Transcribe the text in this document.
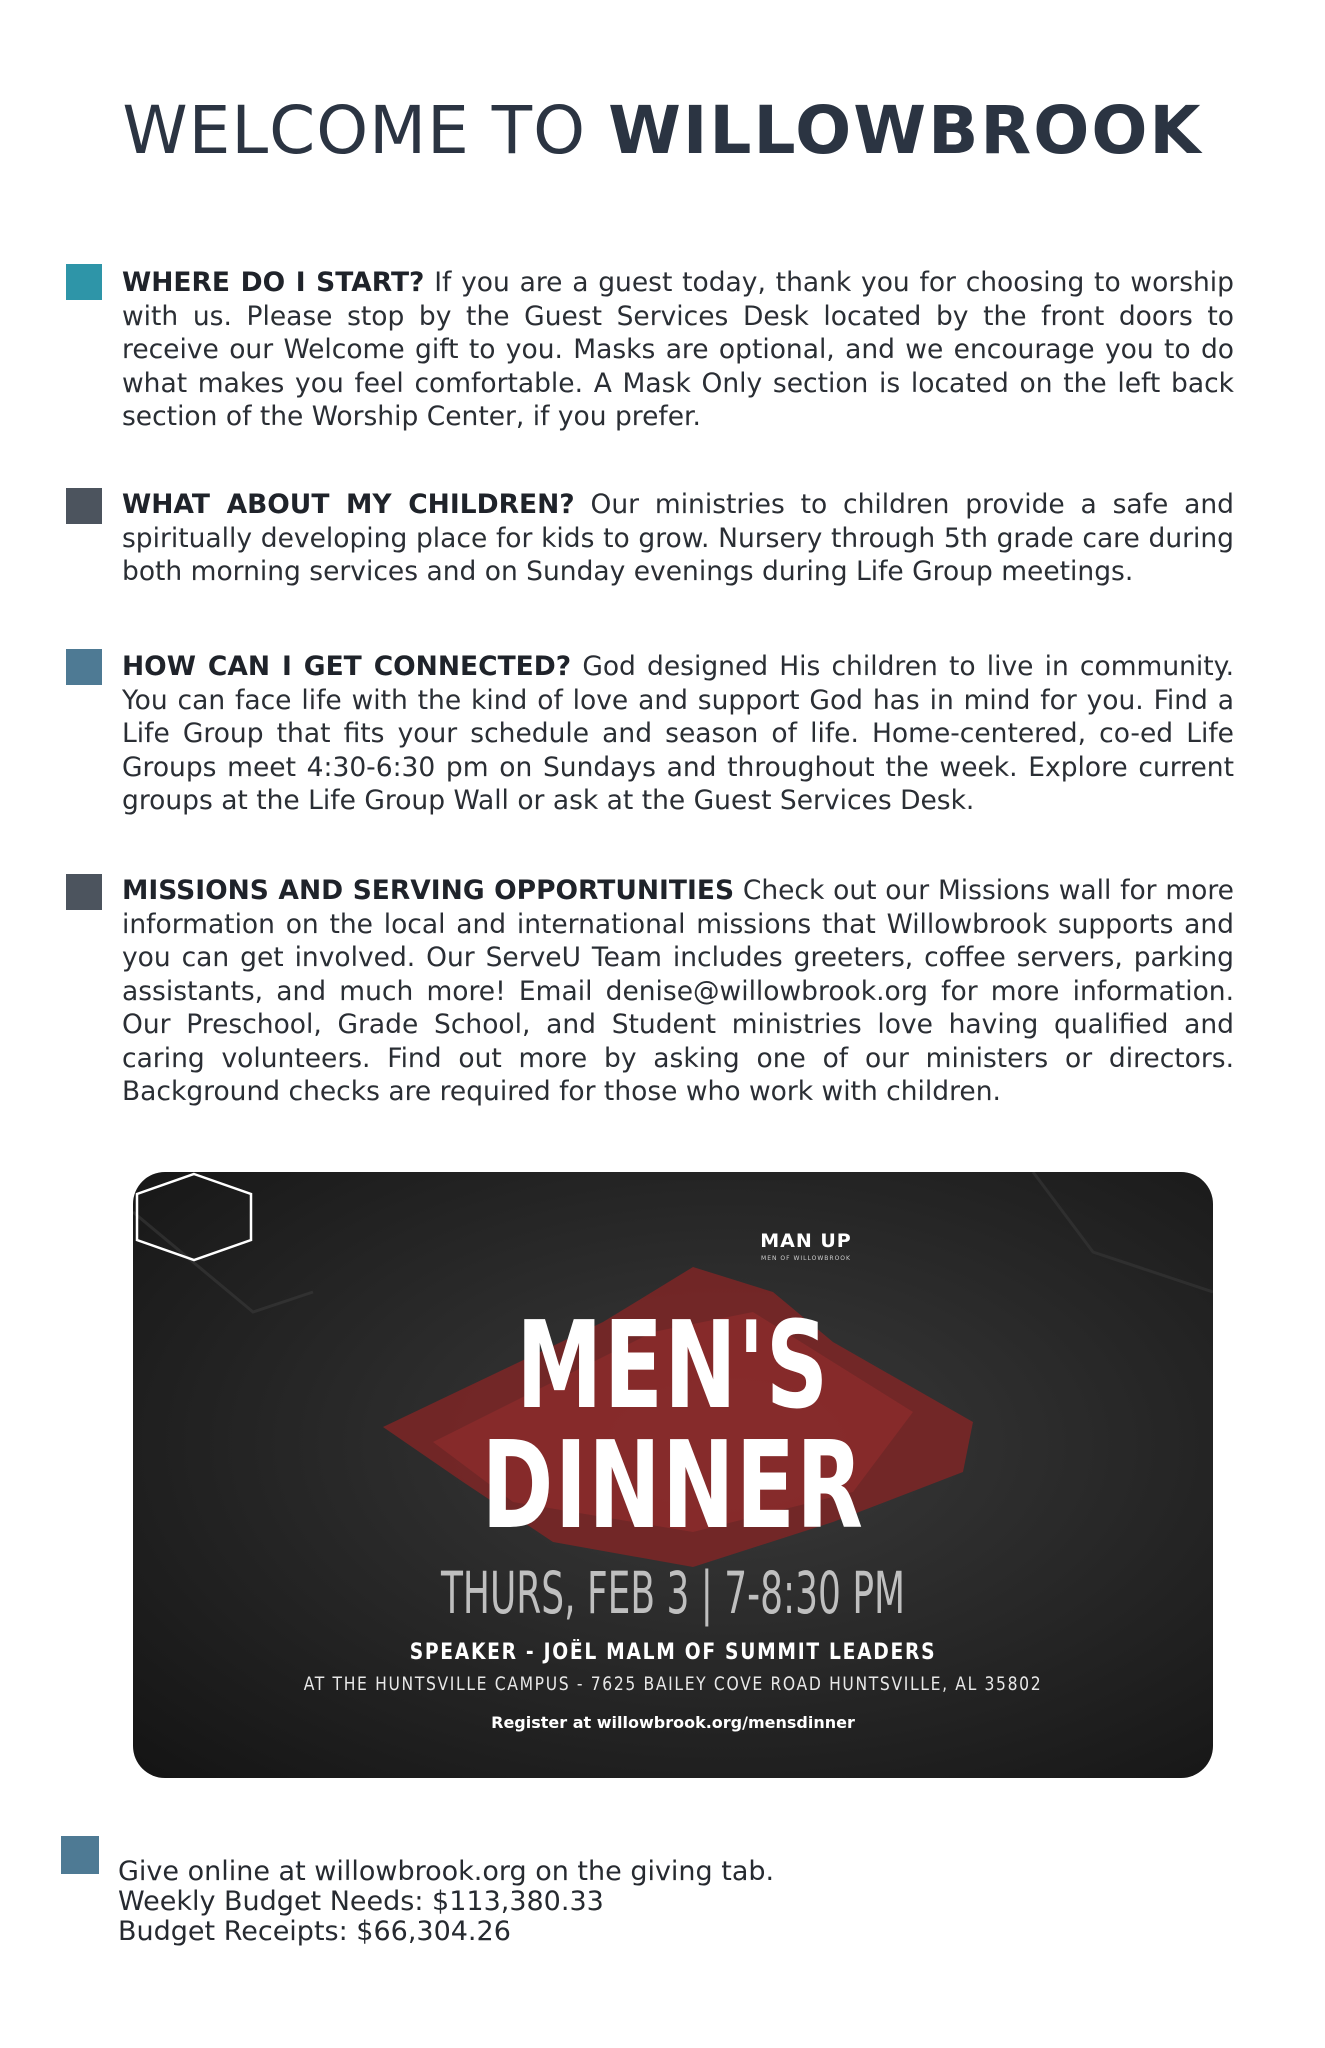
WELCOME TO WILLOWBROOK
WHERE DO I START? If you are a guest today, thank you for choosing to worship with us. Please stop by the Guest Services Desk located by the front doors to receive our Welcome gift to you. Masks are optional, and we encourage you to do what makes you feel comfortable. A Mask Only section is located on the left back section of the Worship Center, if you prefer.
WHAT ABOUT MY CHILDREN? Our ministries to children provide a safe and spiritually developing place for kids to grow. Nursery through 5th grade care during both morning services and on Sunday evenings during Life Group meetings.
HOW CAN I GET CONNECTED? God designed His children to live in community. You can face life with the kind of love and support God has in mind for you. Find a Life Group that fits your schedule and season of life. Home-centered, co-ed Life Groups meet 4:30-6:30 pm on Sundays and throughout the week. Explore current groups at the Life Group Wall or ask at the Guest Services Desk.
MISSIONS AND SERVING OPPORTUNITIES Check out our Missions wall for more information on the local and international missions that Willowbrook supports and you can get involved. Our ServeU Team includes greeters, coffee servers, parking assistants, and much more! Email denise@willowbrook.org for more information. Our Preschool, Grade School, and Student ministries love having qualified and caring volunteers. Find out more by asking one of our ministers or directors. Background checks are required for those who work with children.
MAN UP
MEN OF WILLOWBROOK
MEN'S
DINNER
THURS, FEB 3 | 7-8:30 PM
SPEAKER - JOËL MALM OF SUMMIT LEADERS
AT THE HUNTSVILLE CAMPUS - 7625 BAILEY COVE ROAD HUNTSVILLE, AL 35802
Register at willowbrook.org/mensdinner
Give online at willowbrook.org on the giving tab.
Weekly Budget Needs: $113,380.33
Budget Receipts: $66,304.26
